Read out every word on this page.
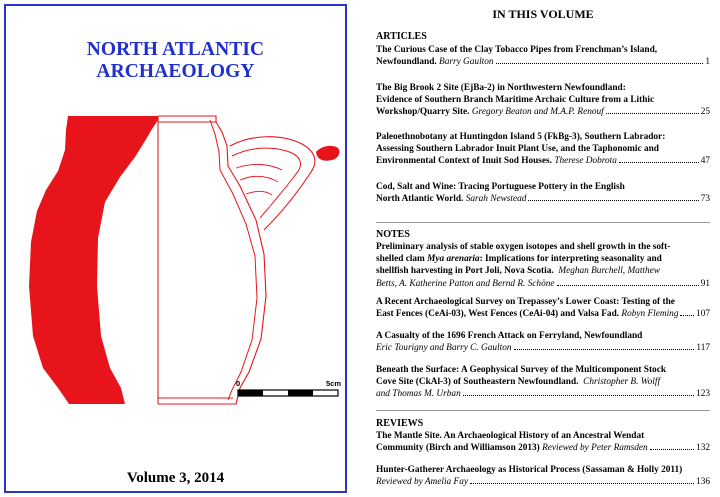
NORTH ATLANTIC ARCHAEOLOGY
0	5cm
Volume 3, 2014
IN THIS VOLUME
ARTICLES
The Curious Case of the Clay Tobacco Pipes from Frenchman’s Island,
Newfoundland.
Barry Gaulton	1
The Big Brook 2 Site (EjBa-2) in Northwestern Newfoundland:
Evidence of Southern Branch Maritime Archaic Culture from a Lithic
Workshop/Quarry Site.
Gregory Beaton and M.A.P. Renouf	25
Paleoethnobotany at Huntingdon Island 5 (FkBg-3), Southern Labrador:
Assessing Southern Labrador Inuit Plant Use, and the Taphonomic and
Environmental Context of Inuit Sod Houses.
Therese Dobrota	47
Cod, Salt and Wine: Tracing Portuguese Pottery in the English
North Atlantic World.
Sarah Newstead	73
NOTES
Preliminary analysis of stable oxygen isotopes and shell growth in the soft-
shelled clam Mya arenaria: Implications for interpreting seasonality and
shellfish harvesting in Port Joli, Nova Scotia. Meghan Burchell, Matthew
Betts, A. Katherine Patton and Bernd R. Schöne	91
A Recent Archaeological Survey on Trepassey’s Lower Coast: Testing of the
East Fences (CeAi-03), West Fences (CeAi-04) and Valsa Fad.
Robyn Fleming 107
A Casualty of the 1696 French Attack on Ferryland, Newfoundland
Eric Tourigny and Barry C. Gaulton	117
Beneath the Surface: A Geophysical Survey of the Multicomponent Stock
Cove Site (CkAl-3) of Southeastern Newfoundland. Christopher B. Wolff
and Thomas M. Urban	123
REVIEWS
The Mantle Site. An Archaeological History of an Ancestral Wendat
Community (Birch and Williamson 2013)
Reviewed by Peter Ramsden	132
Hunter-Gatherer Archaeology as Historical Process (Sassaman & Holly 2011)
Reviewed by Amelia Fay	136
